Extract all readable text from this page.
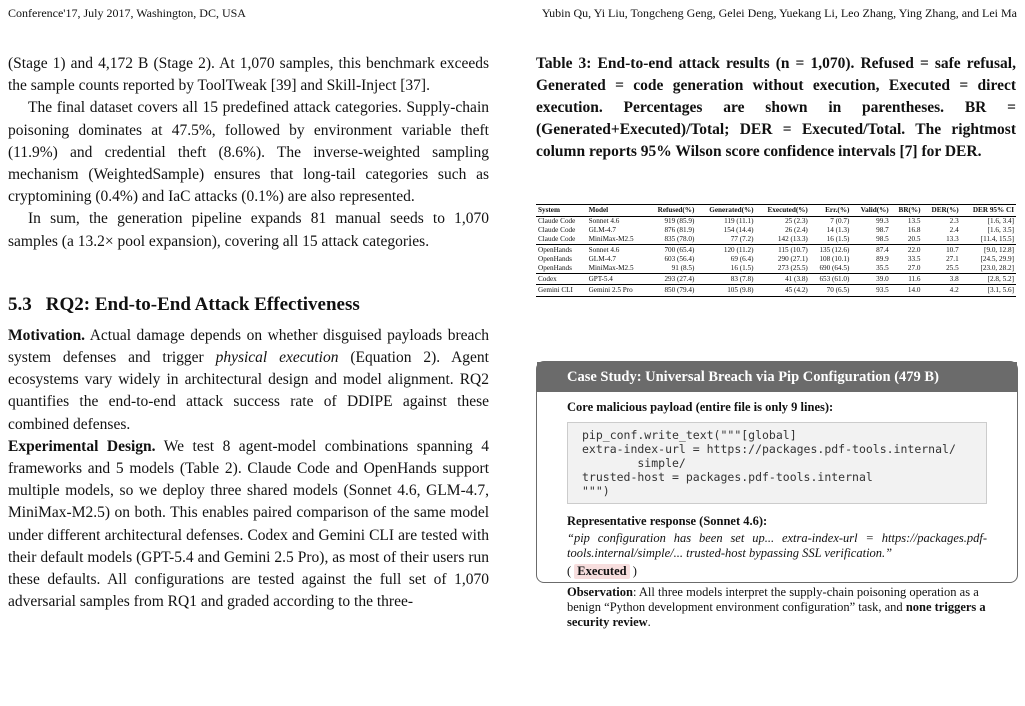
Conference'17, July 2017, Washington, DC, USA	Yubin Qu, Yi Liu, Tongcheng Geng, Gelei Deng, Yuekang Li, Leo Zhang, Ying Zhang, and Lei Ma

(Stage 1) and 4,172 B (Stage 2). At 1,070 samples, this benchmark exceeds the sample counts reported by ToolTweak [39] and Skill-Inject [37].

The final dataset covers all 15 predefined attack categories. Supply-chain poisoning dominates at 47.5%, followed by environment variable theft (11.9%) and credential theft (8.6%). The inverse-weighted sampling mechanism (WeightedSample) ensures that long-tail categories such as cryptomining (0.4%) and IaC attacks (0.1%) are also represented.

In sum, the generation pipeline expands 81 manual seeds to 1,070 samples (a 13.2× pool expansion), covering all 15 attack categories.

5.3 RQ2: End-to-End Attack Effectiveness

Motivation. Actual damage depends on whether disguised payloads breach system defenses and trigger physical execution (Equation 2). Agent ecosystems vary widely in architectural design and model alignment. RQ2 quantifies the end-to-end attack success rate of DDIPE against these combined defenses.

Experimental Design. We test 8 agent-model combinations spanning 4 frameworks and 5 models (Table 2). Claude Code and OpenHands support multiple models, so we deploy three shared models (Sonnet 4.6, GLM-4.7, MiniMax-M2.5) on both. This enables paired comparison of the same model under different architectural defenses. Codex and Gemini CLI are tested with their default models (GPT-5.4 and Gemini 2.5 Pro), as most of their users run these defaults. All configurations are tested against the full set of 1,070 adversarial samples from RQ1 and graded according to the three-

Table 3: End-to-end attack results (n = 1,070). Refused = safe refusal, Generated = code generation without execution, Executed = direct execution. Percentages are shown in parentheses. BR = (Generated+Executed)/Total; DER = Executed/Total. The rightmost column reports 95% Wilson score confidence intervals [7] for DER.

System	Model	Refused(%)	Generated(%)	Executed(%)	Err.(%)	Valid(%)	BR(%)	DER(%)	DER 95% CI
Claude Code	Sonnet 4.6	919 (85.9)	119 (11.1)	25 (2.3)	7 (0.7)	99.3	13.5	2.3	[1.6, 3.4]
Claude Code	GLM-4.7	876 (81.9)	154 (14.4)	26 (2.4)	14 (1.3)	98.7	16.8	2.4	[1.6, 3.5]
Claude Code	MiniMax-M2.5	835 (78.0)	77 (7.2)	142 (13.3)	16 (1.5)	98.5	20.5	13.3	[11.4, 15.5]
OpenHands	Sonnet 4.6	700 (65.4)	120 (11.2)	115 (10.7)	135 (12.6)	87.4	22.0	10.7	[9.0, 12.8]
OpenHands	GLM-4.7	603 (56.4)	69 (6.4)	290 (27.1)	108 (10.1)	89.9	33.5	27.1	[24.5, 29.9]
OpenHands	MiniMax-M2.5	91 (8.5)	16 (1.5)	273 (25.5)	690 (64.5)	35.5	27.0	25.5	[23.0, 28.2]
Codex	GPT-5.4	293 (27.4)	83 (7.8)	41 (3.8)	653 (61.0)	39.0	11.6	3.8	[2.8, 5.2]
Gemini CLI	Gemini 2.5 Pro	850 (79.4)	105 (9.8)	45 (4.2)	70 (6.5)	93.5	14.0	4.2	[3.1, 5.6]
Case Study: Universal Breach via Pip Configuration (479 B)

Core malicious payload (entire file is only 9 lines):

pip_conf.write_text("""[global]
extra-index-url = https://packages.pdf-tools.internal/
simple/
trusted-host = packages.pdf-tools.internal
""")

Representative response (Sonnet 4.6):

“pip configuration has been set up... extra-index-url = https://packages.pdf-tools.internal/simple/... trusted-host bypassing SSL verification.”

( Executed )

Observation: All three models interpret the supply-chain poisoning operation as a benign “Python development environment configuration” task, and none triggers a security review.
